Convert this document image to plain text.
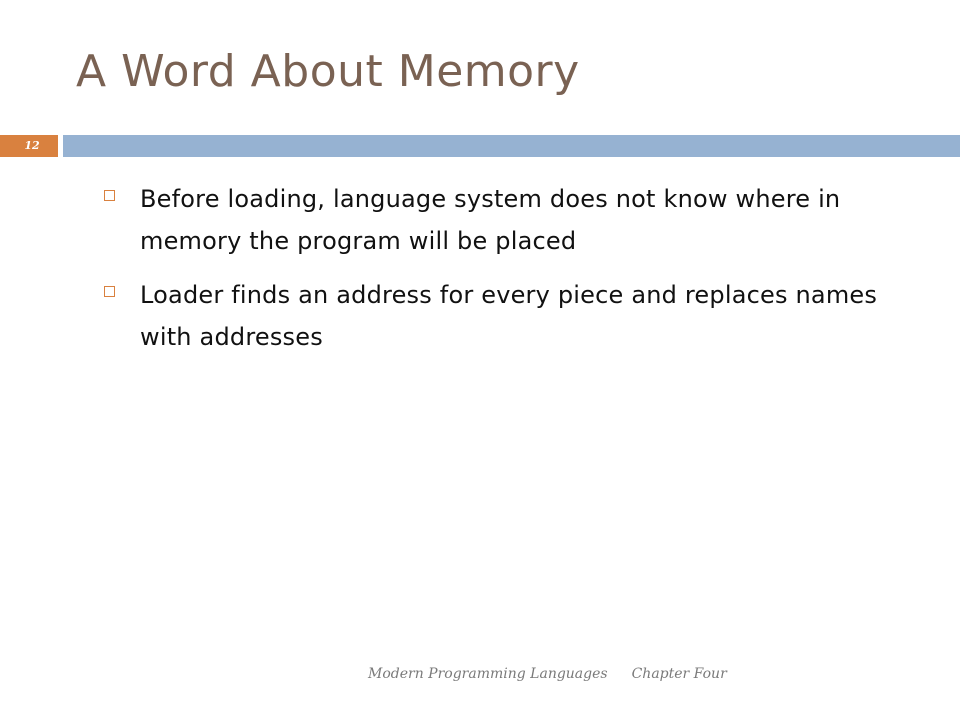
A Word About Memory
12
Before loading, language system does not know where in memory the program will be placed
Loader finds an address for every piece and replaces names with addresses
Modern Programming Languages Chapter Four
